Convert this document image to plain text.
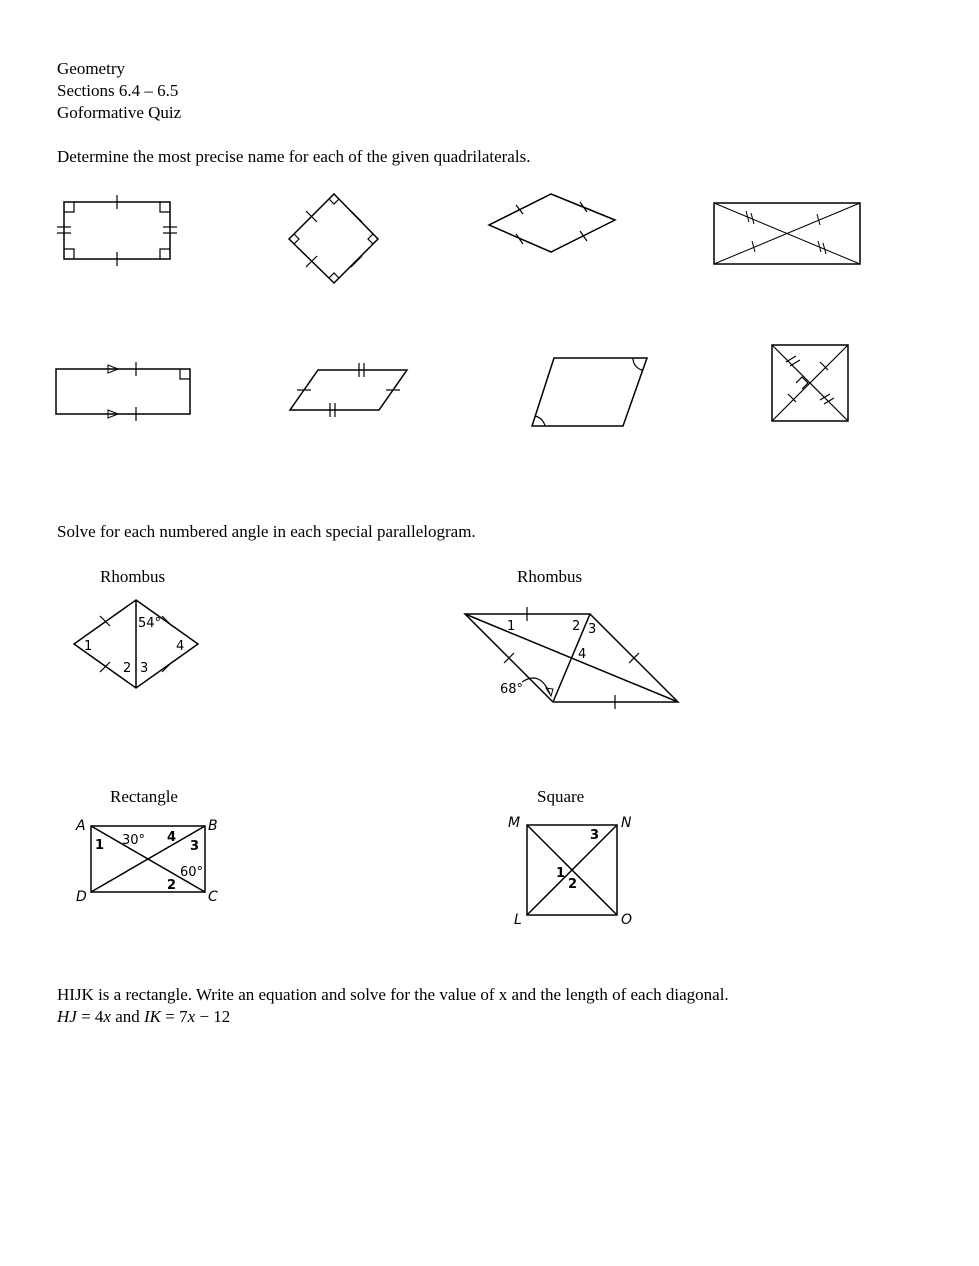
Geometry
Sections 6.4 – 6.5
Goformative Quiz
Determine the most precise name for each of the given quadrilaterals.
Solve for each numbered angle in each special parallelogram.
Rhombus
54°
1
2 3
4
Rhombus
1	2 3
4
68°
Rectangle
A	B
C
D
1 30° 4
3
60°
2
Square
M	N
O
L
1
2
3
HIJK is a rectangle. Write an equation and solve for the value of x and the length of each diagonal.
HJ = 4x and IK = 7x − 12
